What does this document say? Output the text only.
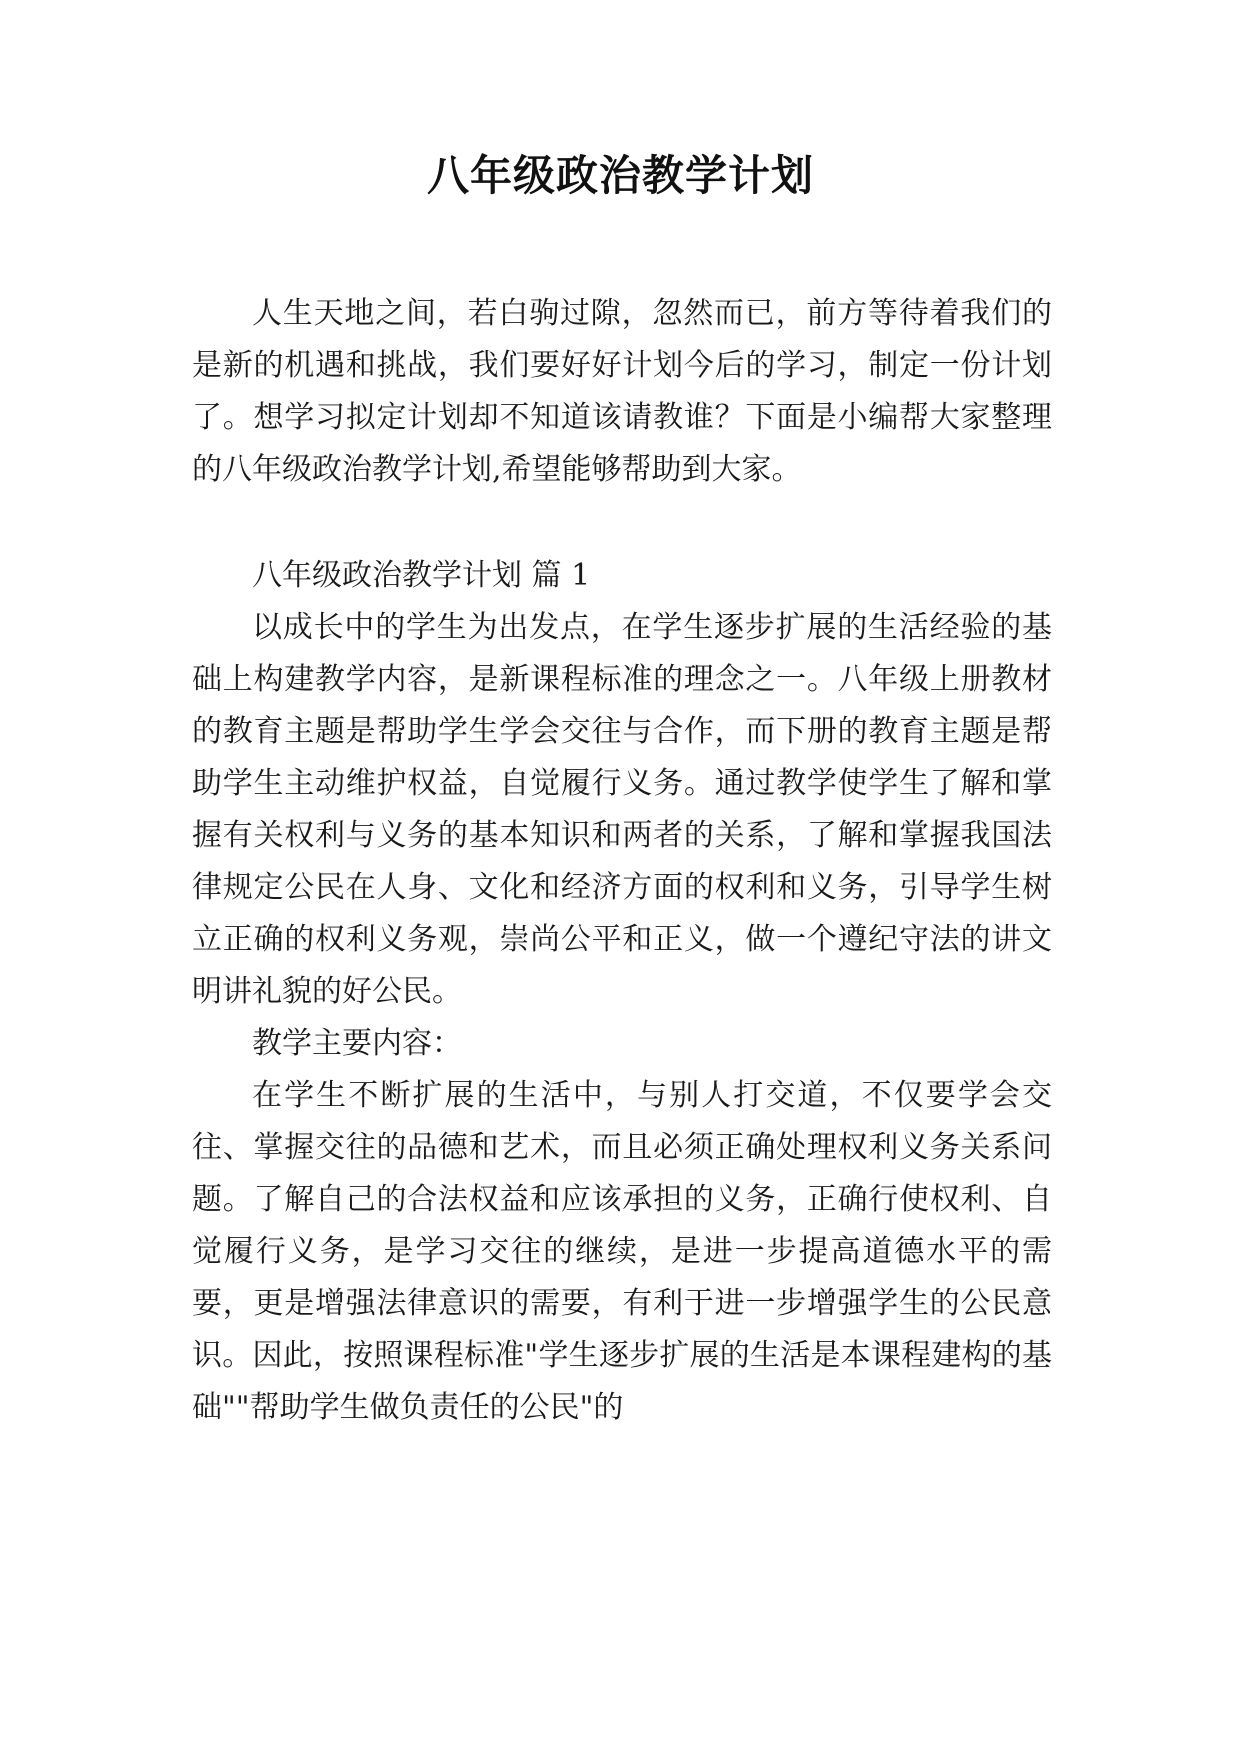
八年级政治教学计划

人生天地之间，若白驹过隙，忽然而已，前方等待着我们的是新的机遇和挑战，我们要好好计划今后的学习，制定一份计划了。想学习拟定计划却不知道该请教谁？下面是小编帮大家整理的八年级政治教学计划,希望能够帮助到大家。

八年级政治教学计划 篇 1

以成长中的学生为出发点，在学生逐步扩展的生活经验的基础上构建教学内容，是新课程标准的理念之一。八年级上册教材的教育主题是帮助学生学会交往与合作，而下册的教育主题是帮助学生主动维护权益，自觉履行义务。通过教学使学生了解和掌握有关权利与义务的基本知识和两者的关系，了解和掌握我国法律规定公民在人身、文化和经济方面的权利和义务，引导学生树立正确的权利义务观，崇尚公平和正义，做一个遵纪守法的讲文明讲礼貌的好公民。

教学主要内容：

在学生不断扩展的生活中，与别人打交道，不仅要学会交往、掌握交往的品德和艺术，而且必须正确处理权利义务关系问题。了解自己的合法权益和应该承担的义务，正确行使权利、自觉履行义务，是学习交往的继续，是进一步提高道德水平的需要，更是增强法律意识的需要，有利于进一步增强学生的公民意识。因此，按照课程标准"学生逐步扩展的生活是本课程建构的基础""帮助学生做负责任的公民"的
